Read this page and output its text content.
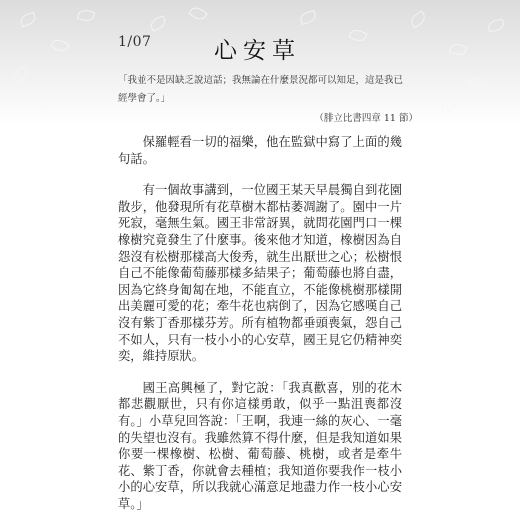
1/07	心安草

「我並不是因缺乏說這話；我無論在什麼景況都可以知足，這是我已經學會了。」

（腓立比書四章 11 節）

保羅輕看一切的福樂，他在監獄中寫了上面的幾句話。

有一個故事講到，一位國王某天早晨獨自到花園散步，他發現所有花草樹木都枯萎凋謝了。園中一片死寂，毫無生氣。國王非常訝異，就問花園門口一棵橡樹究竟發生了什麼事。後來他才知道，橡樹因為自怨沒有松樹那樣高大俊秀，就生出厭世之心；松樹恨自己不能像葡萄藤那樣多結果子；葡萄藤也將自盡，因為它終身匍匐在地，不能直立，不能像桃樹那樣開出美麗可愛的花；牽牛花也病倒了，因為它感嘆自己沒有紫丁香那樣芬芳。所有植物都垂頭喪氣，怨自己不如人，只有一枝小小的心安草，國王見它仍精神奕奕，維持原狀。

國王高興極了，對它說：「我真歡喜，別的花木都悲觀厭世，只有你這樣勇敢，似乎一點沮喪都沒有。」小草兒回答說：「王啊，我連一絲的灰心、一毫的失望也沒有。我雖然算不得什麼，但是我知道如果你要一棵橡樹、松樹、葡萄藤、桃樹，或者是牽牛花、紫丁香，你就會去種植；我知道你要我作一枝小小的心安草，所以我就心滿意足地盡力作一枝小心安草。」
